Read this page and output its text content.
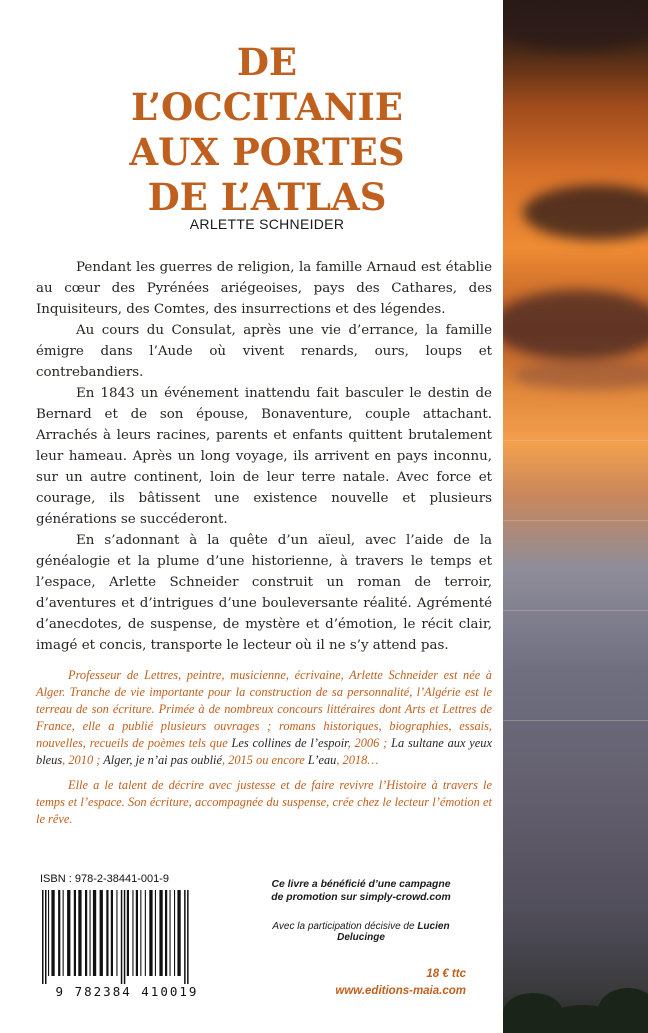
DE
L’OCCITANIE
AUX PORTES
DE L’ATLAS
ARLETTE SCHNEIDER

Pendant les guerres de religion, la famille Arnaud est établie au cœur des Pyrénées ariégeoises, pays des Cathares, des Inquisiteurs, des Comtes, des insurrections et des légendes.

Au cours du Consulat, après une vie d’errance, la famille émigre dans l’Aude où vivent renards, ours, loups et contrebandiers.

En 1843 un événement inattendu fait basculer le destin de Bernard et de son épouse, Bonaventure, couple attachant. Arrachés à leurs racines, parents et enfants quittent brutalement leur hameau. Après un long voyage, ils arrivent en pays inconnu, sur un autre continent, loin de leur terre natale. Avec force et courage, ils bâtissent une existence nouvelle et plusieurs générations se succéderont.

En s’adonnant à la quête d’un aïeul, avec l’aide de la généalogie et la plume d’une historienne, à travers le temps et l’espace, Arlette Schneider construit un roman de terroir, d’aventures et d’intrigues d’une bouleversante réalité. Agrémenté d’anecdotes, de suspense, de mystère et d’émotion, le récit clair, imagé et concis, transporte le lecteur où il ne s’y attend pas.

Professeur de Lettres, peintre, musicienne, écrivaine, Arlette Schneider est née à Alger. Tranche de vie importante pour la construction de sa personnalité, l’Algérie est le terreau de son écriture. Primée à de nombreux concours littéraires dont Arts et Lettres de France, elle a publié plusieurs ouvrages ; romans historiques, biographies, essais, nouvelles, recueils de poèmes tels que Les collines de l’espoir, 2006 ; La sultane aux yeux bleus, 2010 ; Alger, je n’ai pas oublié, 2015 ou encore L’eau, 2018…

Elle a le talent de décrire avec justesse et de faire revivre l’Histoire à travers le temps et l’espace. Son écriture, accompagnée du suspense, crée chez le lecteur l’émotion et le rêve.

ISBN : 978-2-38441-001-9
9 782384 410019
Ce livre a bénéficié d’une campagne
de promotion sur simply-crowd.com
Avec la participation décisive de Lucien Delucinge
18 € ttc
www.editions-maia.com
